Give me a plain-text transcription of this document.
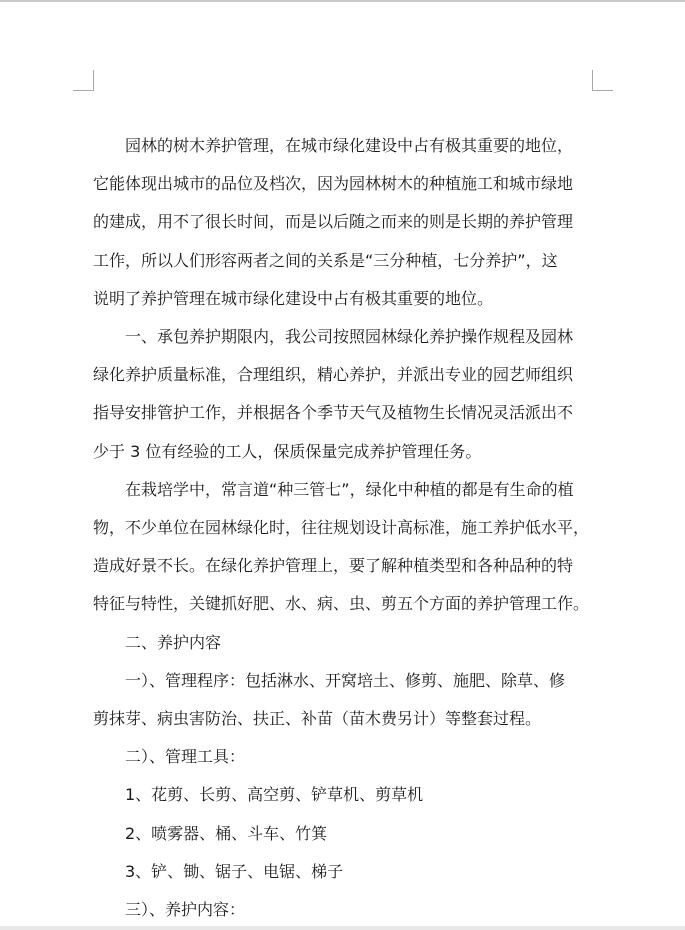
园林的树木养护管理，在城市绿化建设中占有极其重要的地位，
它能体现出城市的品位及档次，因为园林树木的种植施工和城市绿地
的建成，用不了很长时间，而是以后随之而来的则是长期的养护管理
工作，所以人们形容两者之间的关系是“三分种植，七分养护”，这
说明了养护管理在城市绿化建设中占有极其重要的地位。

一、承包养护期限内，我公司按照园林绿化养护操作规程及园林
绿化养护质量标准，合理组织，精心养护，并派出专业的园艺师组织
指导安排管护工作，并根据各个季节天气及植物生长情况灵活派出不
少于 3 位有经验的工人，保质保量完成养护管理任务。

在栽培学中，常言道“种三管七”，绿化中种植的都是有生命的植
物，不少单位在园林绿化时，往往规划设计高标准，施工养护低水平，
造成好景不长。在绿化养护管理上，要了解种植类型和各种品种的特
特征与特性，关键抓好肥、水、病、虫、剪五个方面的养护管理工作。

二、养护内容

一）、管理程序：包括淋水、开窝培土、修剪、施肥、除草、修
剪抹芽、病虫害防治、扶正、补苗（苗木费另计）等整套过程。

二）、管理工具：

1、花剪、长剪、高空剪、铲草机、剪草机

2、喷雾器、桶、斗车、竹箕

3、铲、锄、锯子、电锯、梯子

三）、养护内容：
